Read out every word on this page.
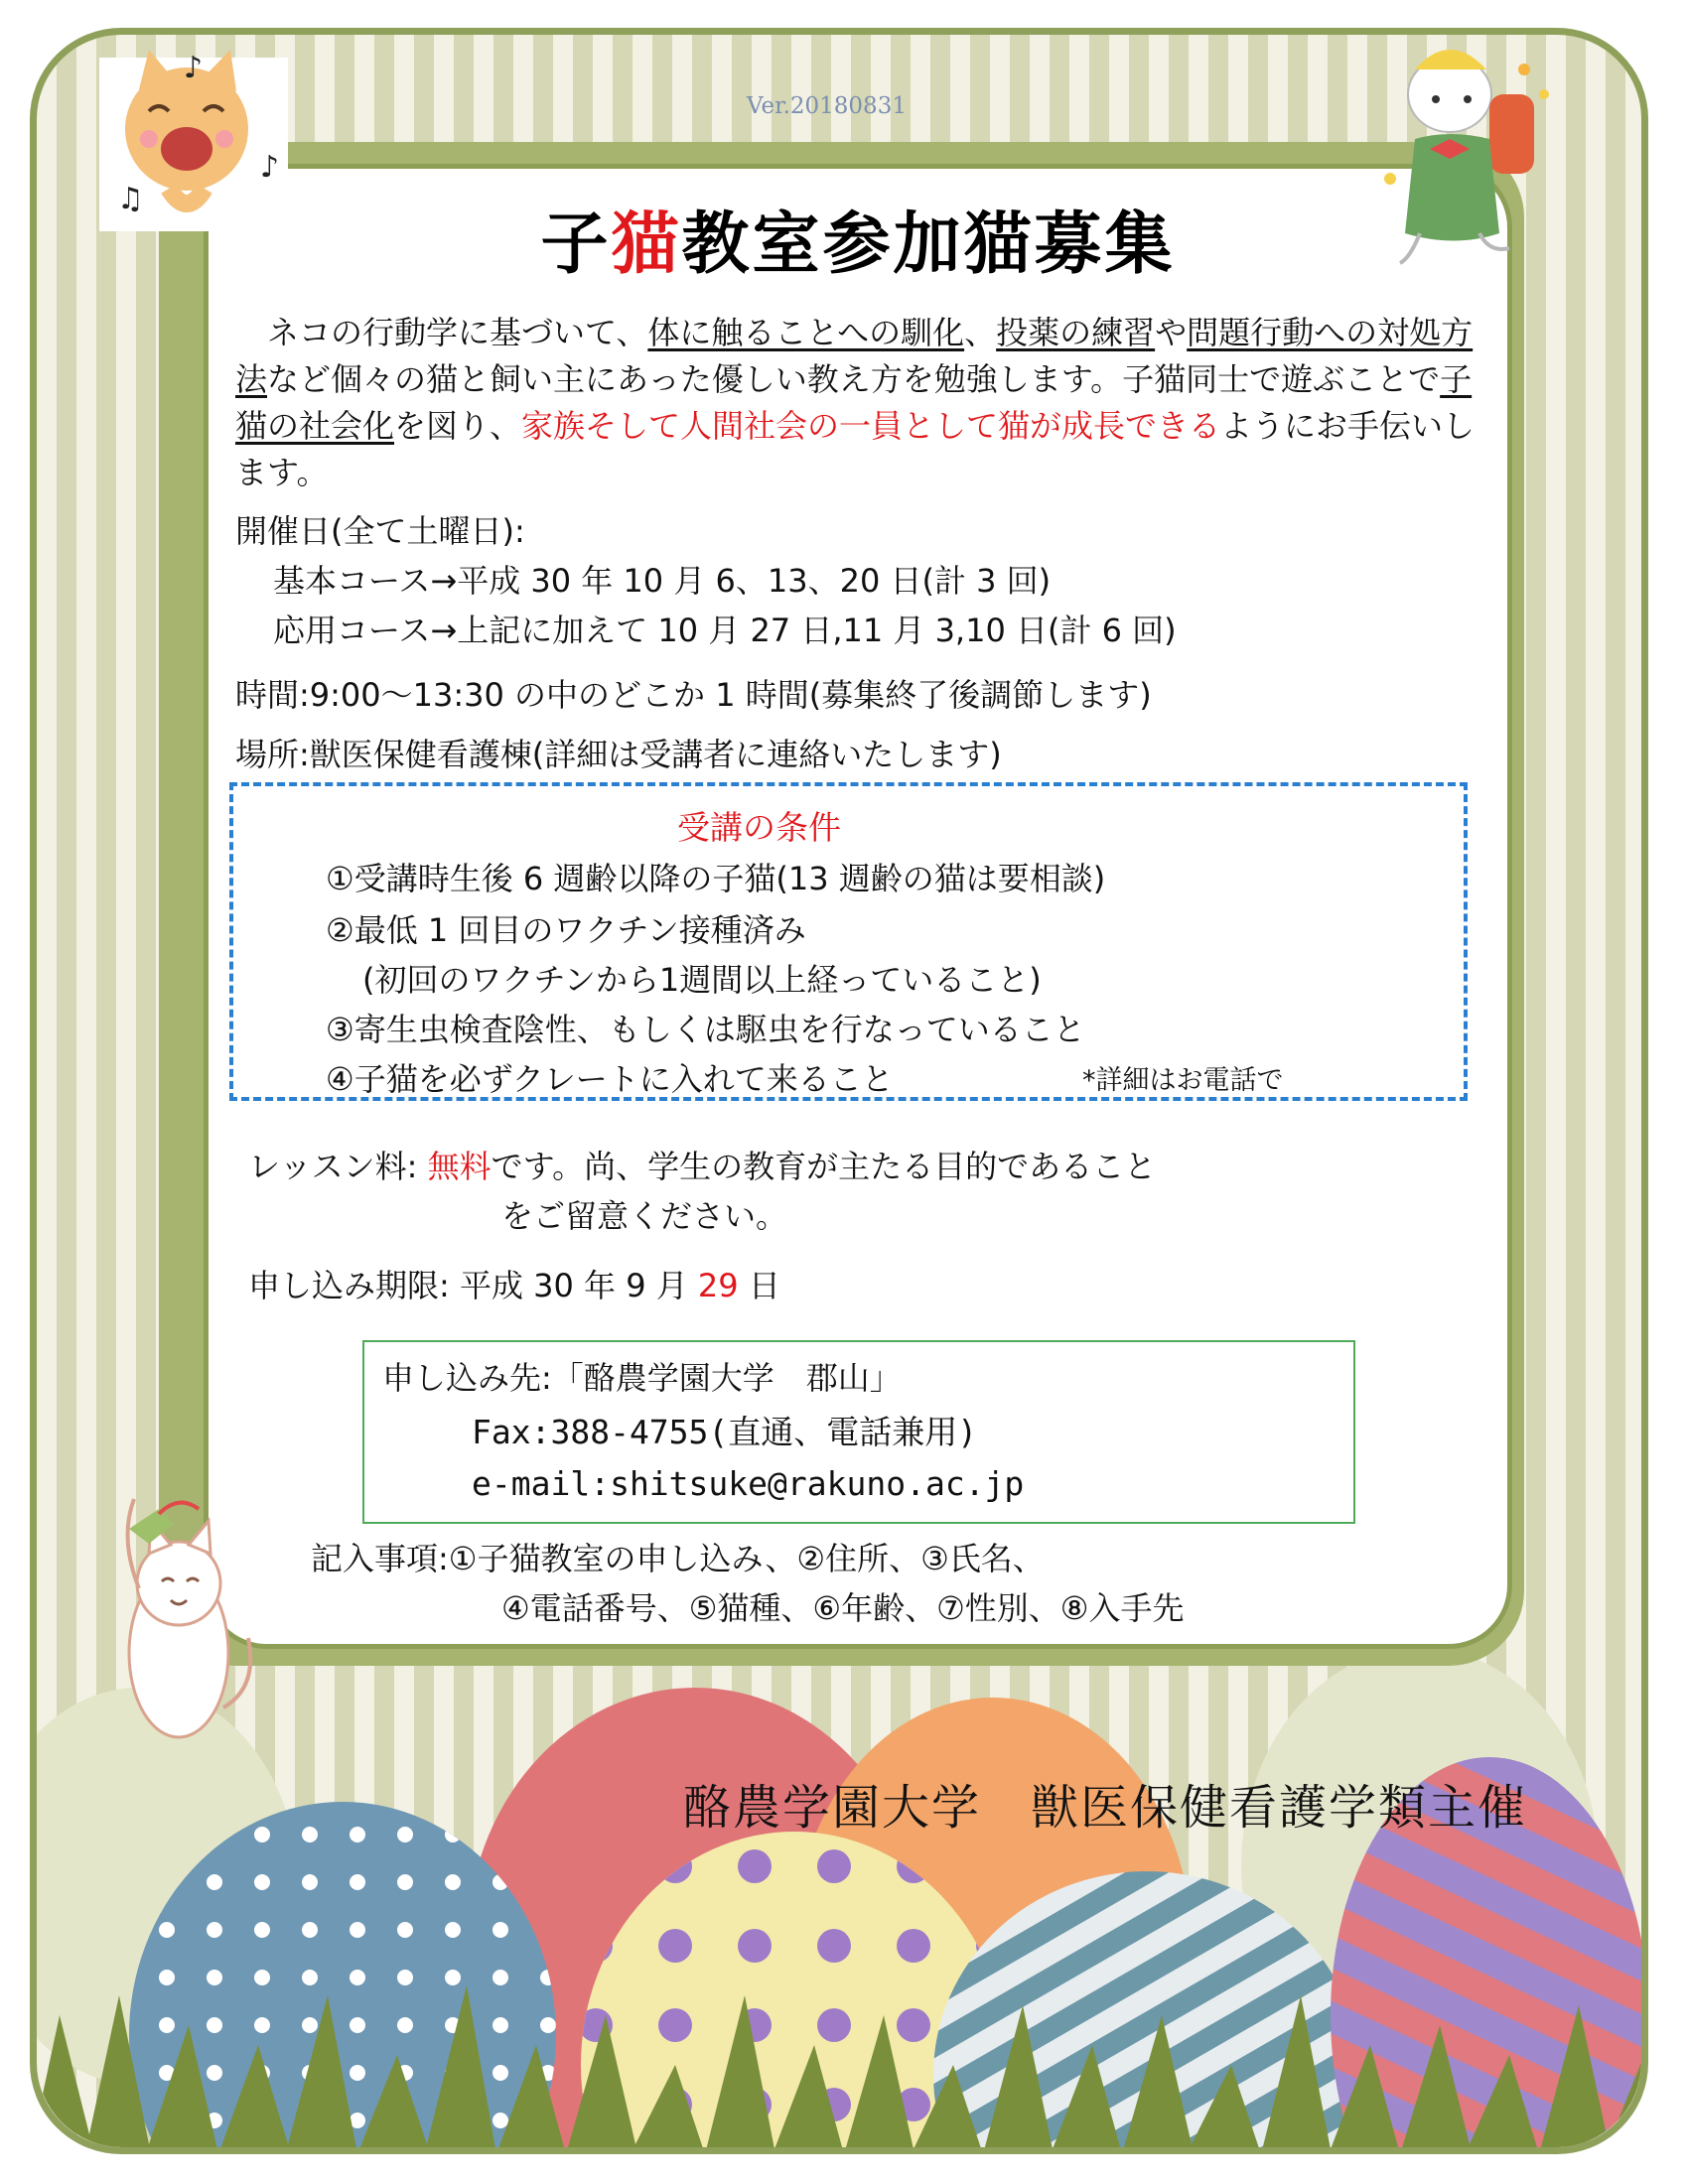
♪
♫
♪
Ver.20180831
子猫教室参加猫募集
　ネコの行動学に基づいて、体に触ることへの馴化、投薬の練習や問題行動への対処方法など個々の猫と飼い主にあった優しい教え方を勉強します。子猫同士で遊ぶことで子猫の社会化を図り、家族そして人間社会の一員として猫が成長できるようにお手伝いします。
開催日(全て土曜日):
基本コース→平成 30 年 10 月 6、13、20 日(計 3 回)
応用コース→上記に加えて 10 月 27 日,11 月 3,10 日(計 6 回)
時間:9:00～13:30 の中のどこか 1 時間(募集終了後調節します)
場所:獣医保健看護棟(詳細は受講者に連絡いたします)
受講の条件
①受講時生後 6 週齢以降の子猫(13 週齢の猫は要相談)
②最低 1 回目のワクチン接種済み
(初回のワクチンから1週間以上経っていること)
③寄生虫検査陰性、もしくは駆虫を行なっていること
④子猫を必ずクレートに入れて来ること	*詳細はお電話で
レッスン料: 無料です。尚、学生の教育が主たる目的であること
をご留意ください。
申し込み期限: 平成 30 年 9 月 29 日
申し込み先:「酪農学園大学　郡山」
Fax:388-4755(直通、電話兼用)
e-mail:shitsuke@rakuno.ac.jp
記入事項:①子猫教室の申し込み、②住所、③氏名、
④電話番号、⑤猫種、⑥年齢、⑦性別、⑧入手先
酪農学園大学　獣医保健看護学類主催
